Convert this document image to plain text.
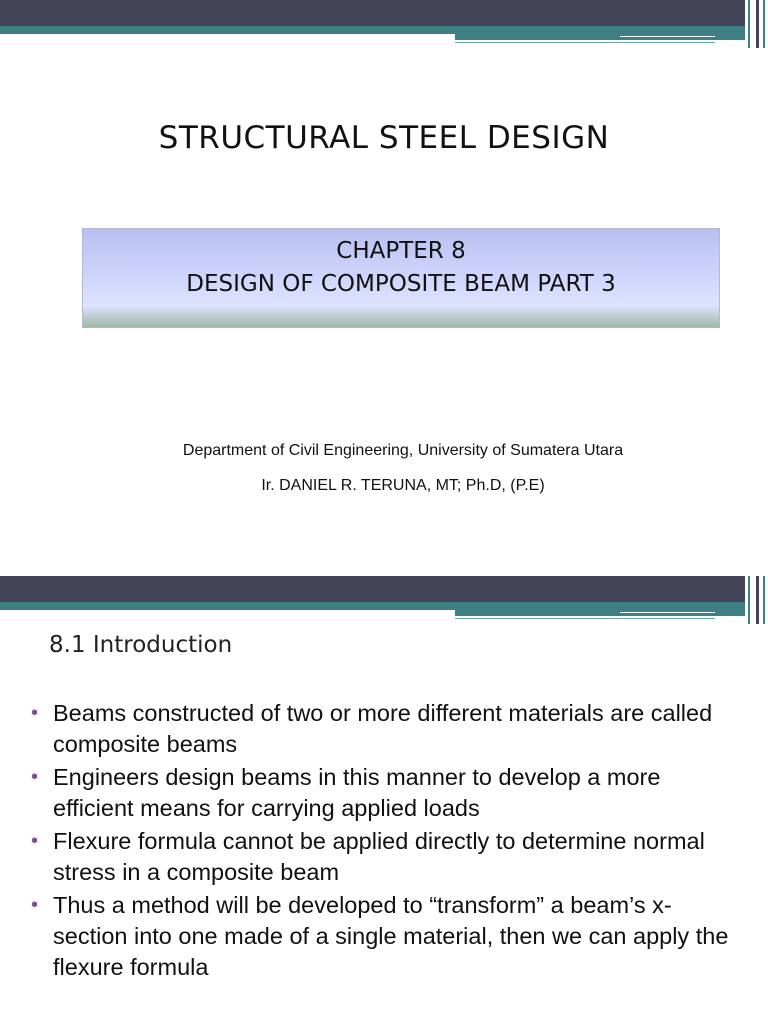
STRUCTURAL STEEL DESIGN
CHAPTER 8
DESIGN OF COMPOSITE BEAM PART 3
Department of Civil Engineering, University of Sumatera Utara
Ir. DANIEL R. TERUNA, MT; Ph.D, (P.E)
8.1 Introduction
• Beams constructed of two or more different materials are called composite beams
• Engineers design beams in this manner to develop a more efficient means for carrying applied loads
• Flexure formula cannot be applied directly to determine normal stress in a composite beam
• Thus a method will be developed to “transform” a beam’s x-section into one made of a single material, then we can apply the flexure formula
